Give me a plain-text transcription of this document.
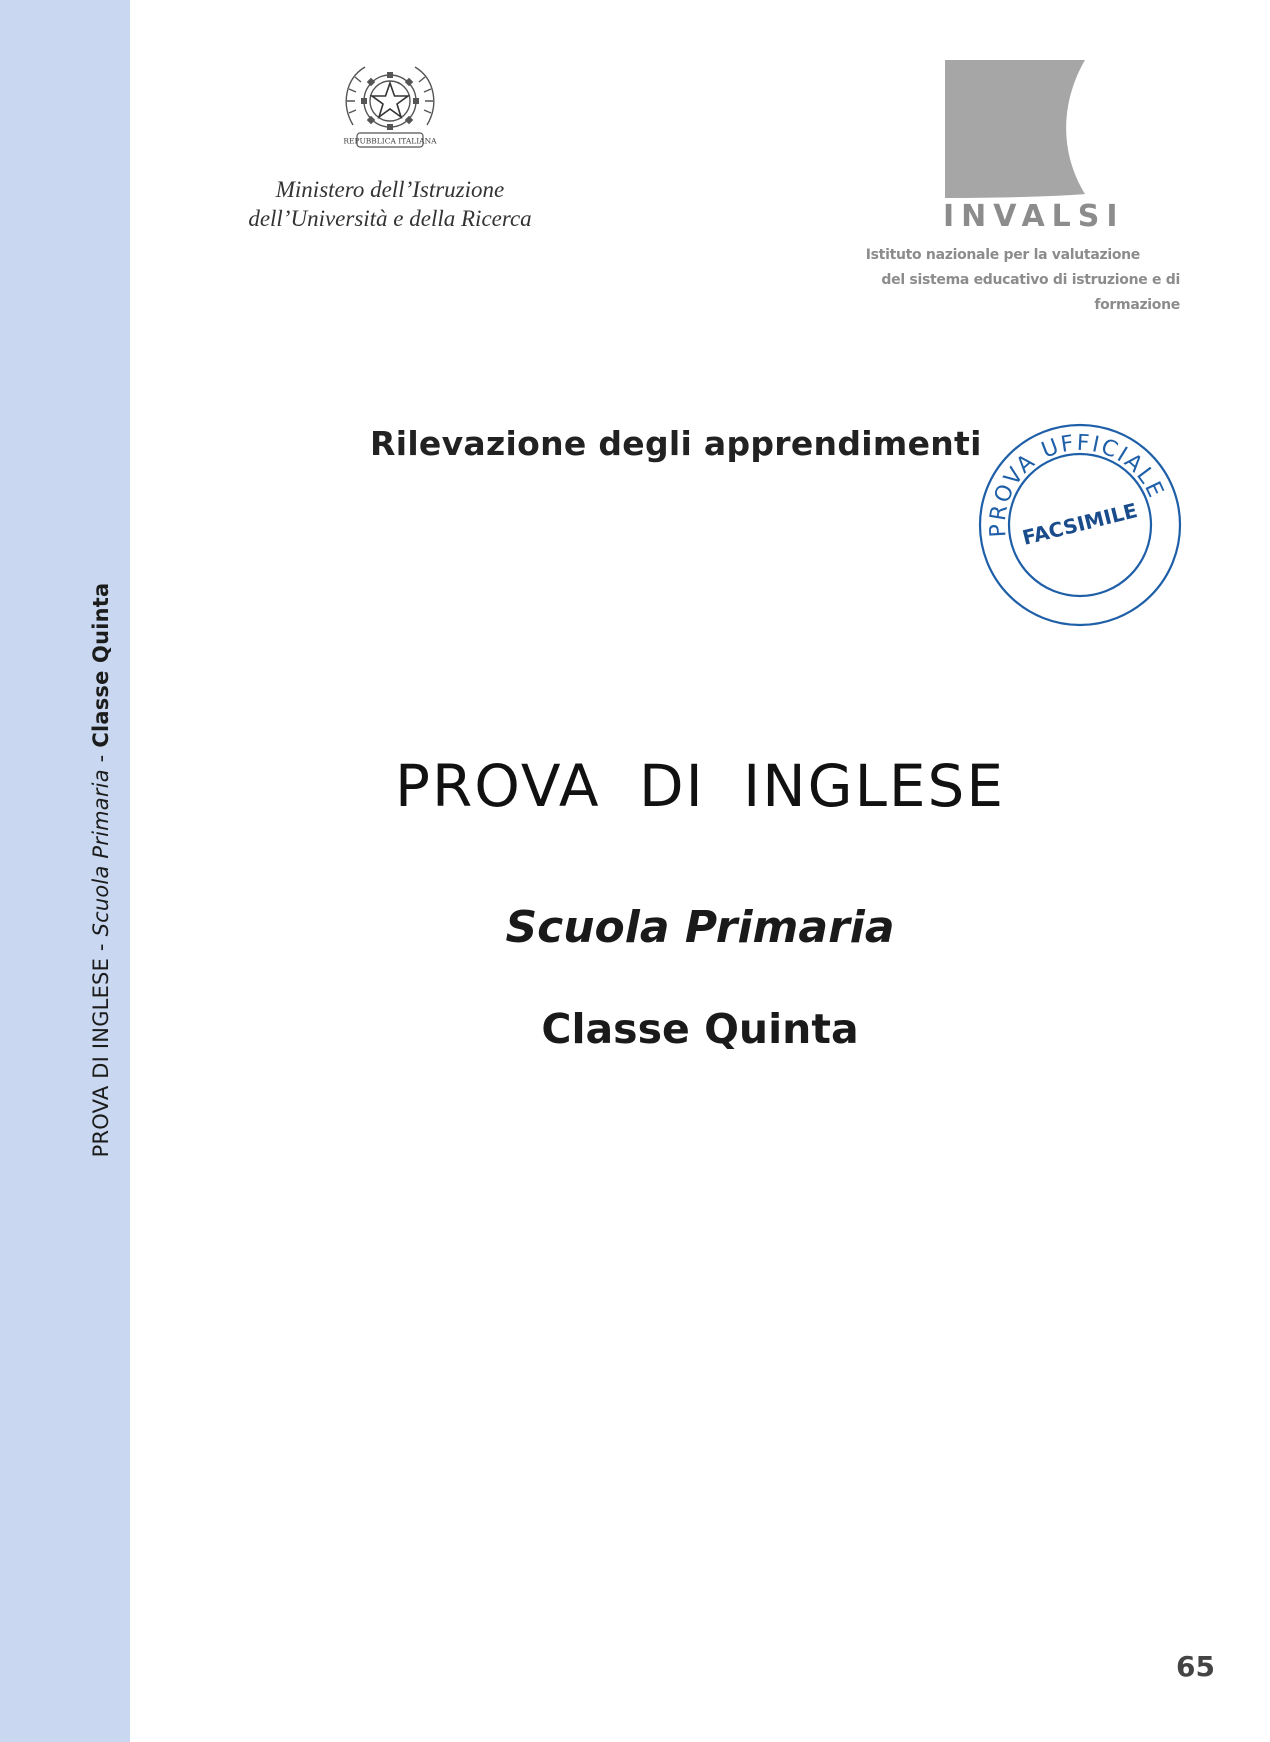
PROVA DI INGLESE - Scuola Primaria - Classe Quinta
REPUBBLICA ITALIANA
Ministero dell’Istruzione
dell’Università e della Ricerca	INVALSI
Istituto nazionale per la valutazione
del sistema educativo di istruzione e di formazione
Rilevazione degli apprendimenti
PROVA UFFICIALE
FACSIMILE
PROVA DI INGLESE
Scuola Primaria
Classe Quinta
65
